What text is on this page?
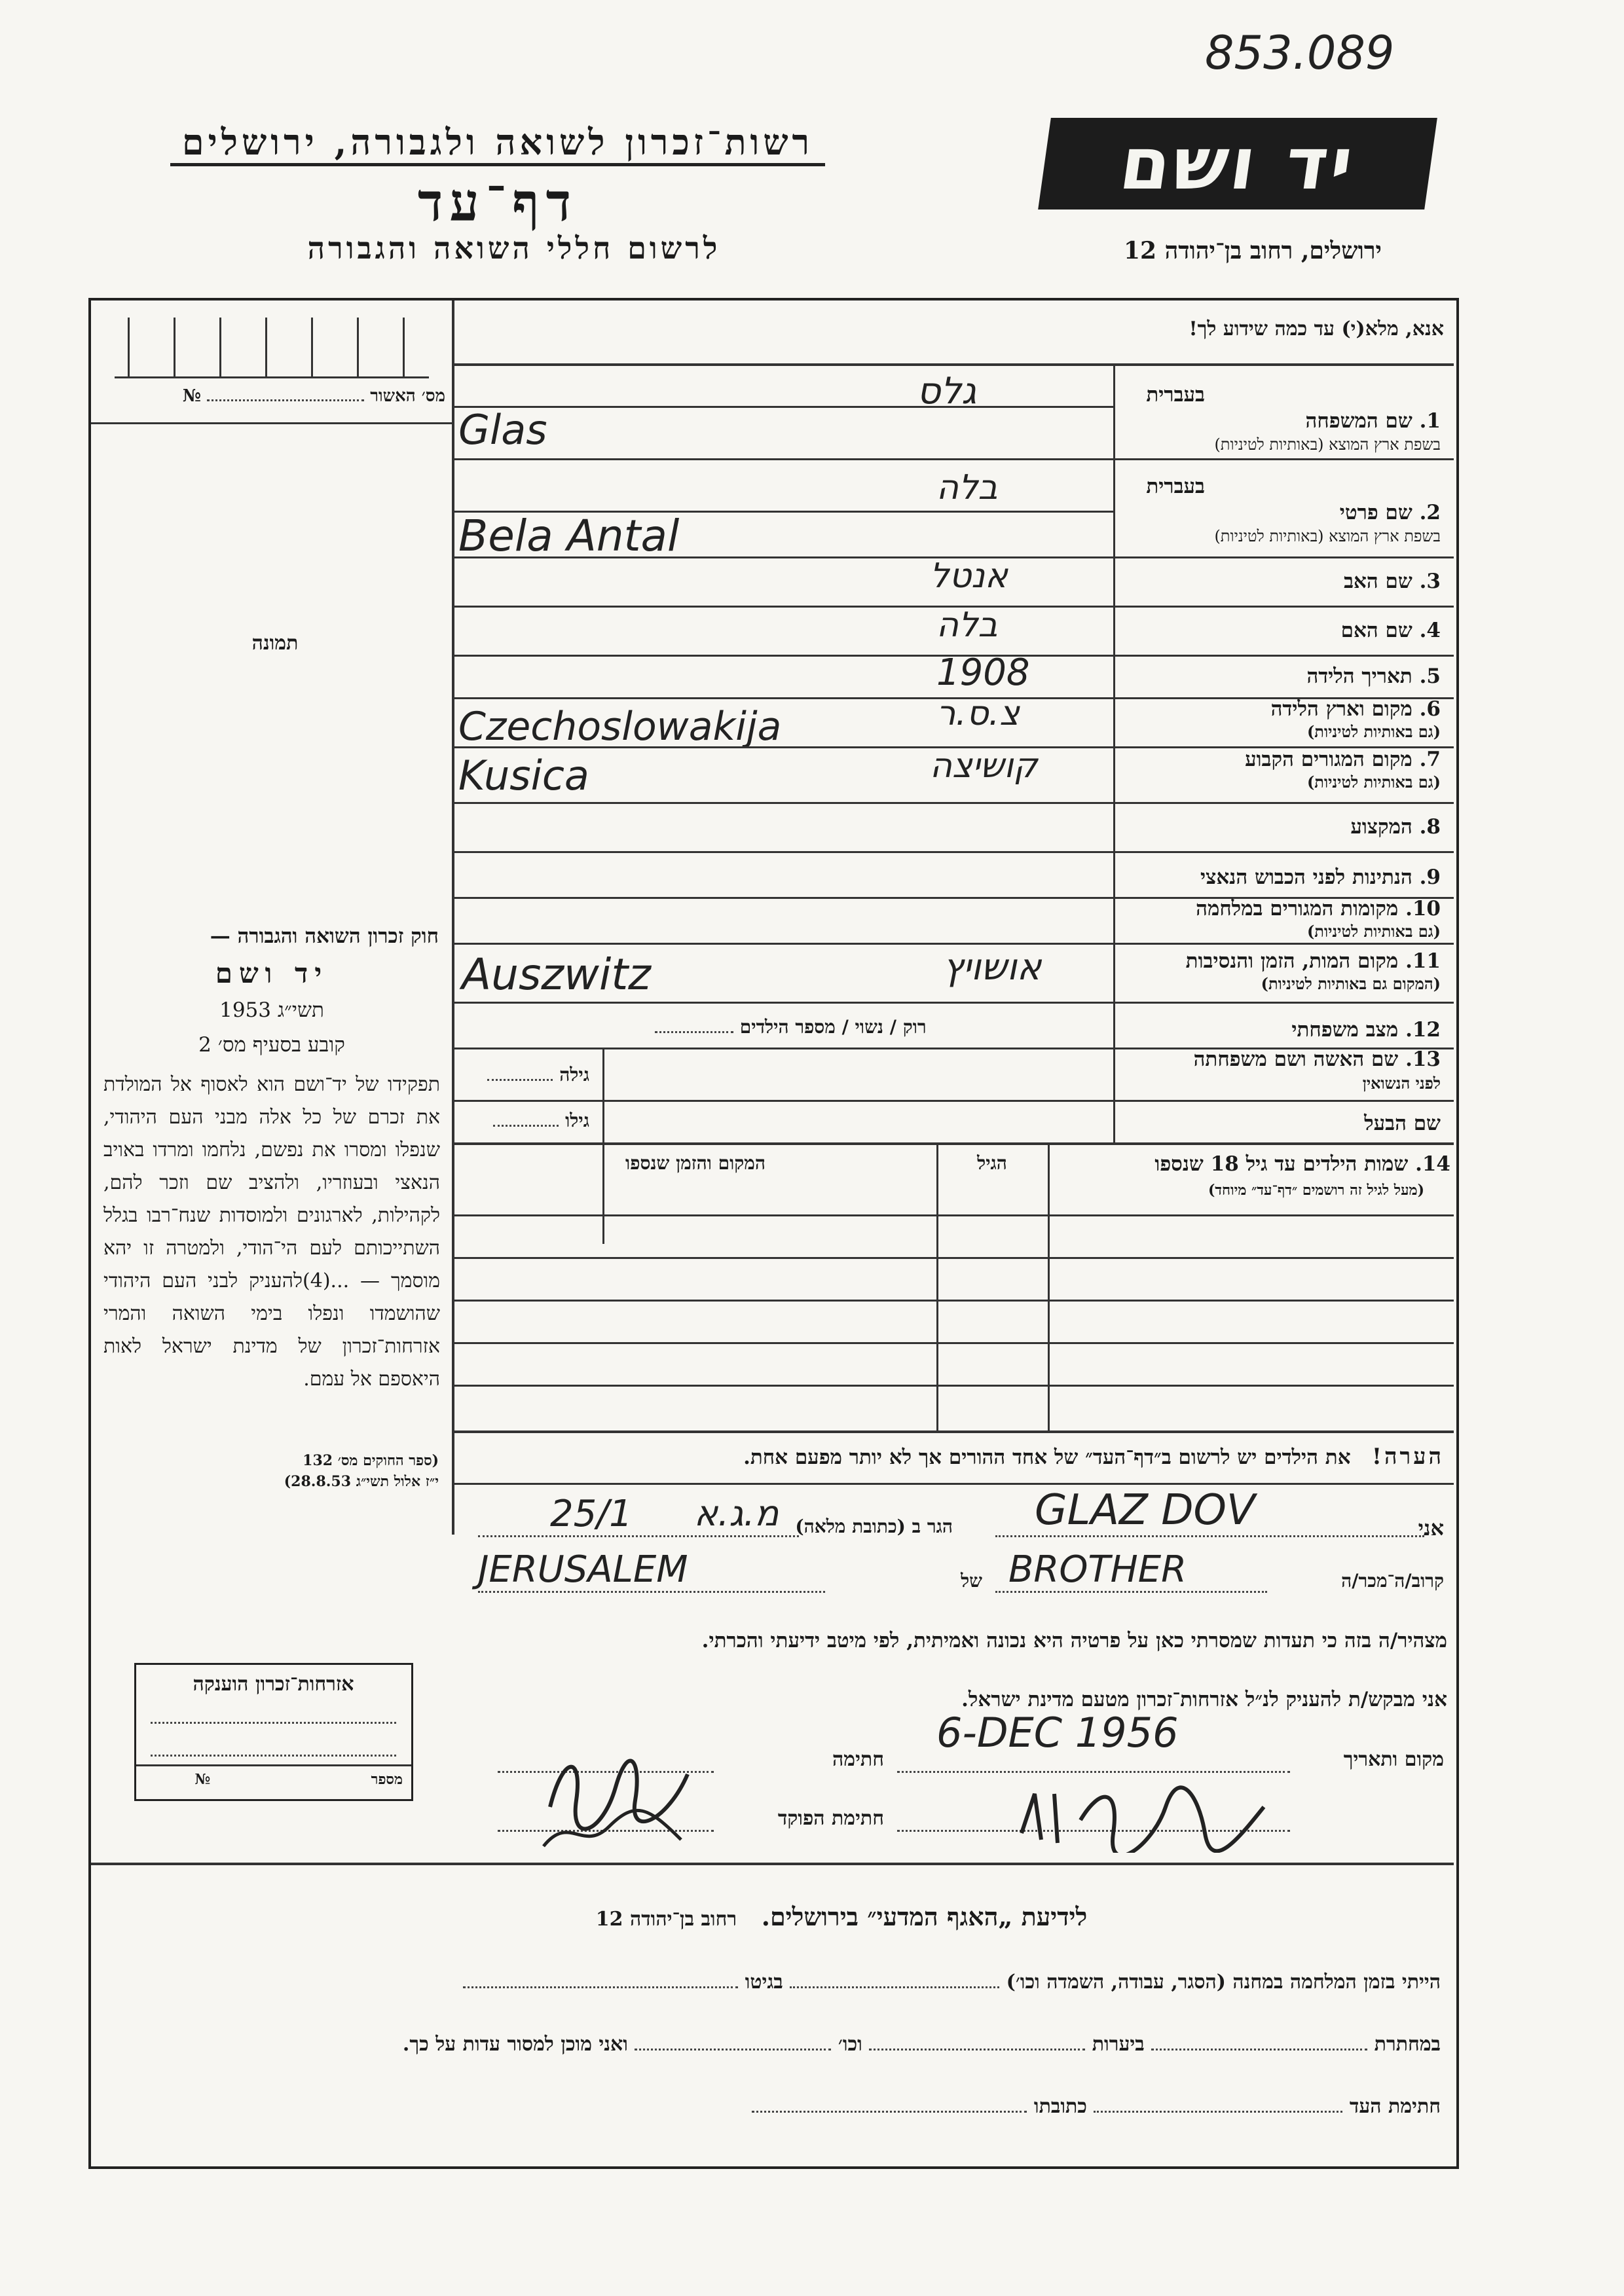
853.089
רשות־זכרון לשואה ולגבורה, ירושלים
דף־עד
לרשום חללי השואה והגבורה
יד ושם
ירושלים, רחוב בן־יהודה 12
מס׳ האשור  №
תמונה
חוק זכרון השואה והגבורה —
יד ושם
תשי״ג 1953
קובע בסעיף מס׳ 2
תפקידו של יד־ושם הוא לאסוף אל המולדת את זכרם של כל אלה מבני העם היהודי, שנפלו ומסרו את נפשם, נלחמו ומרדו באויב הנאצי ובעוזריו, ולהציב שם וזכר להם, לקהילות, לארגונים ולמוסדות שנח־רבו בגלל השתייכותם לעם הי־הודי, ולמטרה זו יהא מוסמך — ...(4)להעניק לבני העם היהודי שהושמדו ונפלו בימי השואה והמרי אזרחות־זכרון של מדינת ישראל לאות היאספם אל עמם.
(ספר החוקים מס׳ 132
י״ז אלול תשי״ג 28.8.53)
אנא, מלא(י) עד כמה שידוע לך!
בעברית
1. שם המשפחה
בשפת ארץ המוצא (באותיות לטיניות)
גלס
Glas
בעברית
2. שם פרטי
בשפת ארץ המוצא (באותיות לטיניות)
בלה
Bela Antal
3. שם האב
אנטל
4. שם האם
בלה
5. תאריך הלידה
1908
6. מקום וארץ הלידה
(גם באותיות לטיניות)
צ.ס.ר
Czechoslowakija
7. מקום המגורים הקבוע
(גם באותיות לטיניות)
קושיצה
Kusica
8. המקצוע
9. הנתינות לפני הכבוש הנאצי
10. מקומות המגורים במלחמה
(גם באותיות לטיניות)
11. מקום המות, הזמן והנסיבות
(המקום גם באותיות לטיניות)
אושויץ
Auszwitz
12. מצב משפחתי
רוק / נשוי / מספר הילדים
13. שם האשה ושם משפחתה
לפני הנשואין
גילה
שם הבעל
גילו
14. שמות הילדים עד גיל 18 שנספו
(מעל לגיל זה רושמים ״דף־עד״ מיוחד)
הגיל
המקום והזמן שנספו
הערה!   את הילדים יש לרשום ב״דף־העד״ של אחד ההורים אך לא יותר מפעם אחת.
אני
GLAZ DOV
הגר ב (כתובת מלאה)
מ.ג.א
25/1
קרוב/ה־מכר/ה
BROTHER
של
JERUSALEM
מצהיר/ה בזה כי תעדות שמסרתי כאן על פרטיה היא נכונה ואמיתית, לפי מיטב ידיעתי והכרתי.
אני מבקש/ת להעניק לנ״ל אזרחות־זכרון מטעם מדינת ישראל.
מקום ותאריך
6-DEC 1956
חתימה
חתימת הפוקד
אזרחות־זכרון הוענקה
מספר  №
לידיעת „האגף המדעי״ בירושלים.   רחוב בן־יהודה 12
הייתי בזמן המלחמה במחנה (הסגר, עבודה, השמדה וכו׳)  בגיטו
במחתרת  ביערות  וכו׳  ואני מוכן למסור עדות על כך.
חתימת העד  כתובתו
